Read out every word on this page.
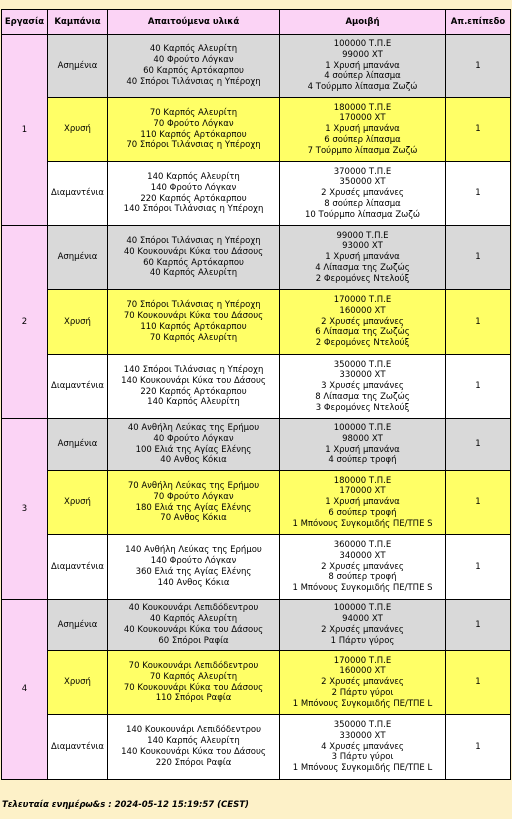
Εργασία	Καμπάνια	Απαιτούμενα υλικά	Αμοιβή	Απ.επίπεδο
1	Ασημένια	40 Καρπός Αλευρίτη
40 Φρούτο Λόγκαν
60 Καρπός Αρτόκαρπου
40 Σπόροι Τιλάνσιας η Υπέροχη	100000 Τ.Π.Ε
99000 ΧΤ
1 Χρυσή μπανάνα
4 σούπερ λίπασμα
4 Τούρμπο λίπασμα Ζωζώ	1
	Χρυσή	70 Καρπός Αλευρίτη
70 Φρούτο Λόγκαν
110 Καρπός Αρτόκαρπου
70 Σπόροι Τιλάνσιας η Υπέροχη	180000 Τ.Π.Ε
170000 ΧΤ
1 Χρυσή μπανάνα
6 σούπερ λίπασμα
7 Τούρμπο λίπασμα Ζωζώ	1
	Διαμαντένια	140 Καρπός Αλευρίτη
140 Φρούτο Λόγκαν
220 Καρπός Αρτόκαρπου
140 Σπόροι Τιλάνσιας η Υπέροχη	370000 Τ.Π.Ε
350000 ΧΤ
2 Χρυσές μπανάνες
8 σούπερ λίπασμα
10 Τούρμπο λίπασμα Ζωζώ	1
2	Ασημένια	40 Σπόροι Τιλάνσιας η Υπέροχη
40 Κουκουνάρι Κύκα του Δάσους
60 Καρπός Αρτόκαρπου
40 Καρπός Αλευρίτη	99000 Τ.Π.Ε
93000 ΧΤ
1 Χρυσή μπανάνα
4 Λίπασμα της Ζωζώς
2 Φερομόνες Ντελούξ	1
	Χρυσή	70 Σπόροι Τιλάνσιας η Υπέροχη
70 Κουκουνάρι Κύκα του Δάσους
110 Καρπός Αρτόκαρπου
70 Καρπός Αλευρίτη	170000 Τ.Π.Ε
160000 ΧΤ
2 Χρυσές μπανάνες
6 Λίπασμα της Ζωζώς
2 Φερομόνες Ντελούξ	1
	Διαμαντένια	140 Σπόροι Τιλάνσιας η Υπέροχη
140 Κουκουνάρι Κύκα του Δάσους
220 Καρπός Αρτόκαρπου
140 Καρπός Αλευρίτη	350000 Τ.Π.Ε
330000 ΧΤ
3 Χρυσές μπανάνες
8 Λίπασμα της Ζωζώς
3 Φερομόνες Ντελούξ	1
3	Ασημένια	40 Ανθήλη Λεύκας της Ερήμου
40 Φρούτο Λόγκαν
100 Ελιά της Αγίας Ελένης
40 Ανθος Κόκια	100000 Τ.Π.Ε
98000 ΧΤ
1 Χρυσή μπανάνα
4 σούπερ τροφή	1
	Χρυσή	70 Ανθήλη Λεύκας της Ερήμου
70 Φρούτο Λόγκαν
180 Ελιά της Αγίας Ελένης
70 Ανθος Κόκια	180000 Τ.Π.Ε
170000 ΧΤ
1 Χρυσή μπανάνα
6 σούπερ τροφή
1 Μπόνους Συγκομιδής ΠΕ/ΤΠΕ S	1
	Διαμαντένια	140 Ανθήλη Λεύκας της Ερήμου
140 Φρούτο Λόγκαν
360 Ελιά της Αγίας Ελένης
140 Ανθος Κόκια	360000 Τ.Π.Ε
340000 ΧΤ
2 Χρυσές μπανάνες
8 σούπερ τροφή
1 Μπόνους Συγκομιδής ΠΕ/ΤΠΕ S	1
4	Ασημένια	40 Κουκουνάρι Λεπιδόδεντρου
40 Καρπός Αλευρίτη
40 Κουκουνάρι Κύκα του Δάσους
60 Σπόροι Ραφία	100000 Τ.Π.Ε
94000 ΧΤ
2 Χρυσές μπανάνες
1 Πάρτυ γύρος	1
	Χρυσή	70 Κουκουνάρι Λεπιδόδεντρου
70 Καρπός Αλευρίτη
70 Κουκουνάρι Κύκα του Δάσους
110 Σπόροι Ραφία	170000 Τ.Π.Ε
160000 ΧΤ
2 Χρυσές μπανάνες
2 Πάρτυ γύροι
1 Μπόνους Συγκομιδής ΠΕ/ΤΠΕ L	1
	Διαμαντένια	140 Κουκουνάρι Λεπιδόδεντρου
140 Καρπός Αλευρίτη
140 Κουκουνάρι Κύκα του Δάσους
220 Σπόροι Ραφία	350000 Τ.Π.Ε
330000 ΧΤ
4 Χρυσές μπανάνες
3 Πάρτυ γύροι
1 Μπόνους Συγκομιδής ΠΕ/ΤΠΕ L	1
Τελευταία ενημέρω&s : 2024-05-12 15:19:57 (CEST)
